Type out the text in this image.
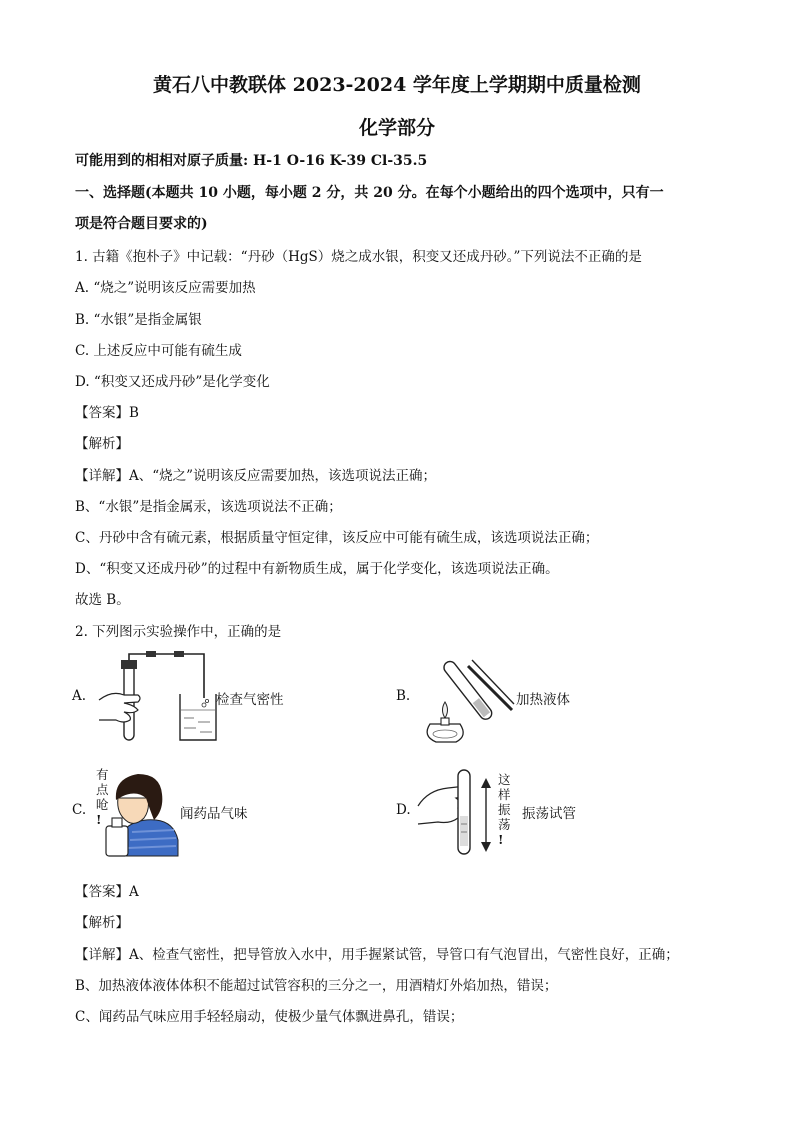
黄石八中教联体 2023-2024 学年度上学期期中质量检测
化学部分
可能用到的相相对原子质量: H-1 O-16 K-39 Cl-35.5
一、选择题(本题共 10 小题，每小题 2 分，共 20 分。在每个小题给出的四个选项中，只有一
项是符合题目要求的)
1. 古籍《抱朴子》中记载：“丹砂（HgS）烧之成水银，积变又还成丹砂。”下列说法不正确的是
A. “烧之”说明该反应需要加热
B. “水银”是指金属银
C. 上述反应中可能有硫生成
D. “积变又还成丹砂”是化学变化
【答案】B
【解析】
【详解】A、“烧之”说明该反应需要加热，该选项说法正确；
B、“水银”是指金属汞，该选项说法不正确；
C、丹砂中含有硫元素，根据质量守恒定律，该反应中可能有硫生成，该选项说法正确；
D、“积变又还成丹砂”的过程中有新物质生成，属于化学变化，该选项说法正确。
故选 B。
2. 下列图示实验操作中，正确的是
A.	检查气密性	B.	加热液体
C.
有
点
呛
!	闻药品气味	D.
这
样
振
荡
!
振荡试管
【答案】A
【解析】
【详解】A、检查气密性，把导管放入水中，用手握紧试管，导管口有气泡冒出，气密性良好，正确；
B、加热液体液体体积不能超过试管容积的三分之一，用酒精灯外焰加热，错误；
C、闻药品气味应用手轻轻扇动，使极少量气体飘进鼻孔，错误；
